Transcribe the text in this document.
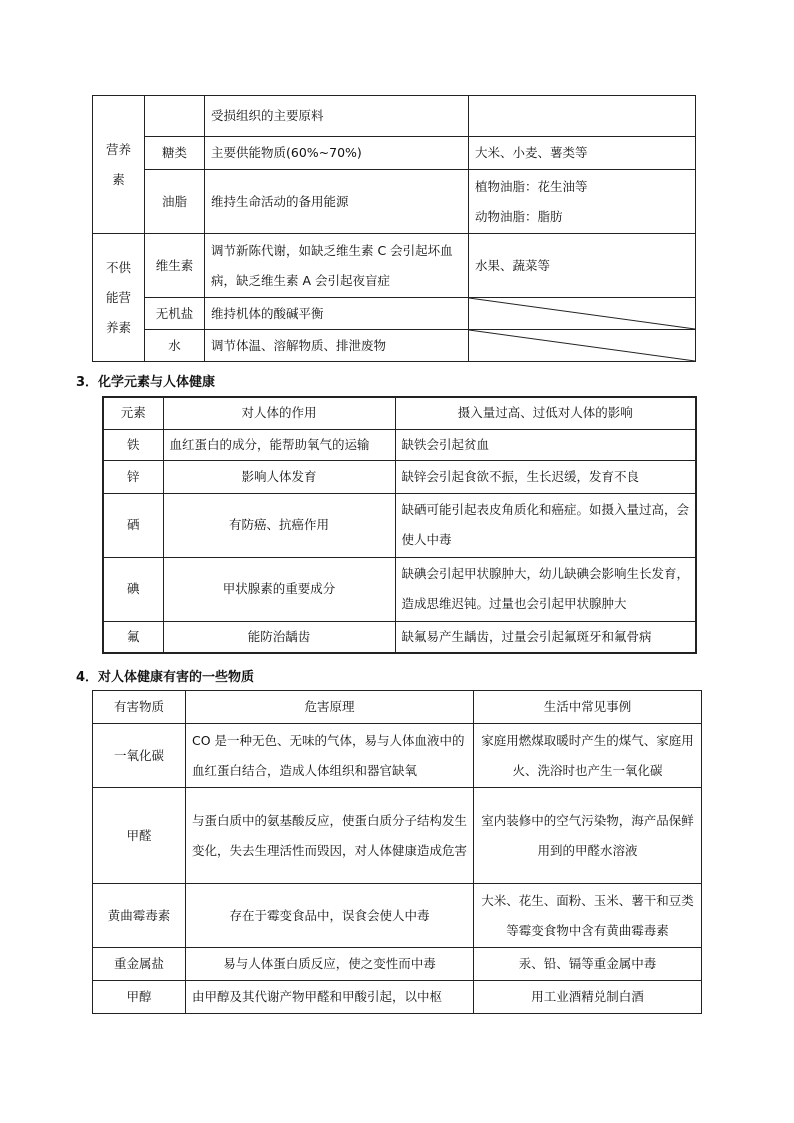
营养
素		受损组织的主要原料	
	糖类	主要供能物质(60%~70%)	大米、小麦、薯类等
	油脂	维持生命活动的备用能源	植物油脂：花生油等
动物油脂：脂肪

不供
能营
养素	维生素	调节新陈代谢，如缺乏维生素 C 会引起坏血病，缺乏维生素 A 会引起夜盲症	水果、蔬菜等
	无机盐	维持机体的酸碱平衡	

	水	调节体温、溶解物质、排泄废物	
3．化学元素与人体健康
元素	对人体的作用	摄入量过高、过低对人体的影响
铁	血红蛋白的成分，能帮助氧气的运输	缺铁会引起贫血
锌	影响人体发育	缺锌会引起食欲不振，生长迟缓，发育不良
硒	有防癌、抗癌作用	缺硒可能引起表皮角质化和癌症。如摄入量过高，会使人中毒
碘	甲状腺素的重要成分	缺碘会引起甲状腺肿大，幼儿缺碘会影响生长发育，造成思维迟钝。过量也会引起甲状腺肿大
氟	能防治龋齿	缺氟易产生龋齿，过量会引起氟斑牙和氟骨病
4．对人体健康有害的一些物质
有害物质	危害原理	生活中常见事例
一氧化碳	CO 是一种无色、无味的气体，易与人体血液中的血红蛋白结合，造成人体组织和器官缺氧	家庭用燃煤取暖时产生的煤气、家庭用火、洗浴时也产生一氧化碳
甲醛	与蛋白质中的氨基酸反应，使蛋白质分子结构发生变化，失去生理活性而毁因，对人体健康造成危害	室内装修中的空气污染物，海产品保鲜用到的甲醛水溶液
黄曲霉毒素	存在于霉变食品中，误食会使人中毒	大米、花生、面粉、玉米、薯干和豆类等霉变食物中含有黄曲霉毒素
重金属盐	易与人体蛋白质反应，使之变性而中毒	汞、铅、镉等重金属中毒
甲醇	由甲醇及其代谢产物甲醛和甲酸引起，以中枢	用工业酒精兑制白酒
